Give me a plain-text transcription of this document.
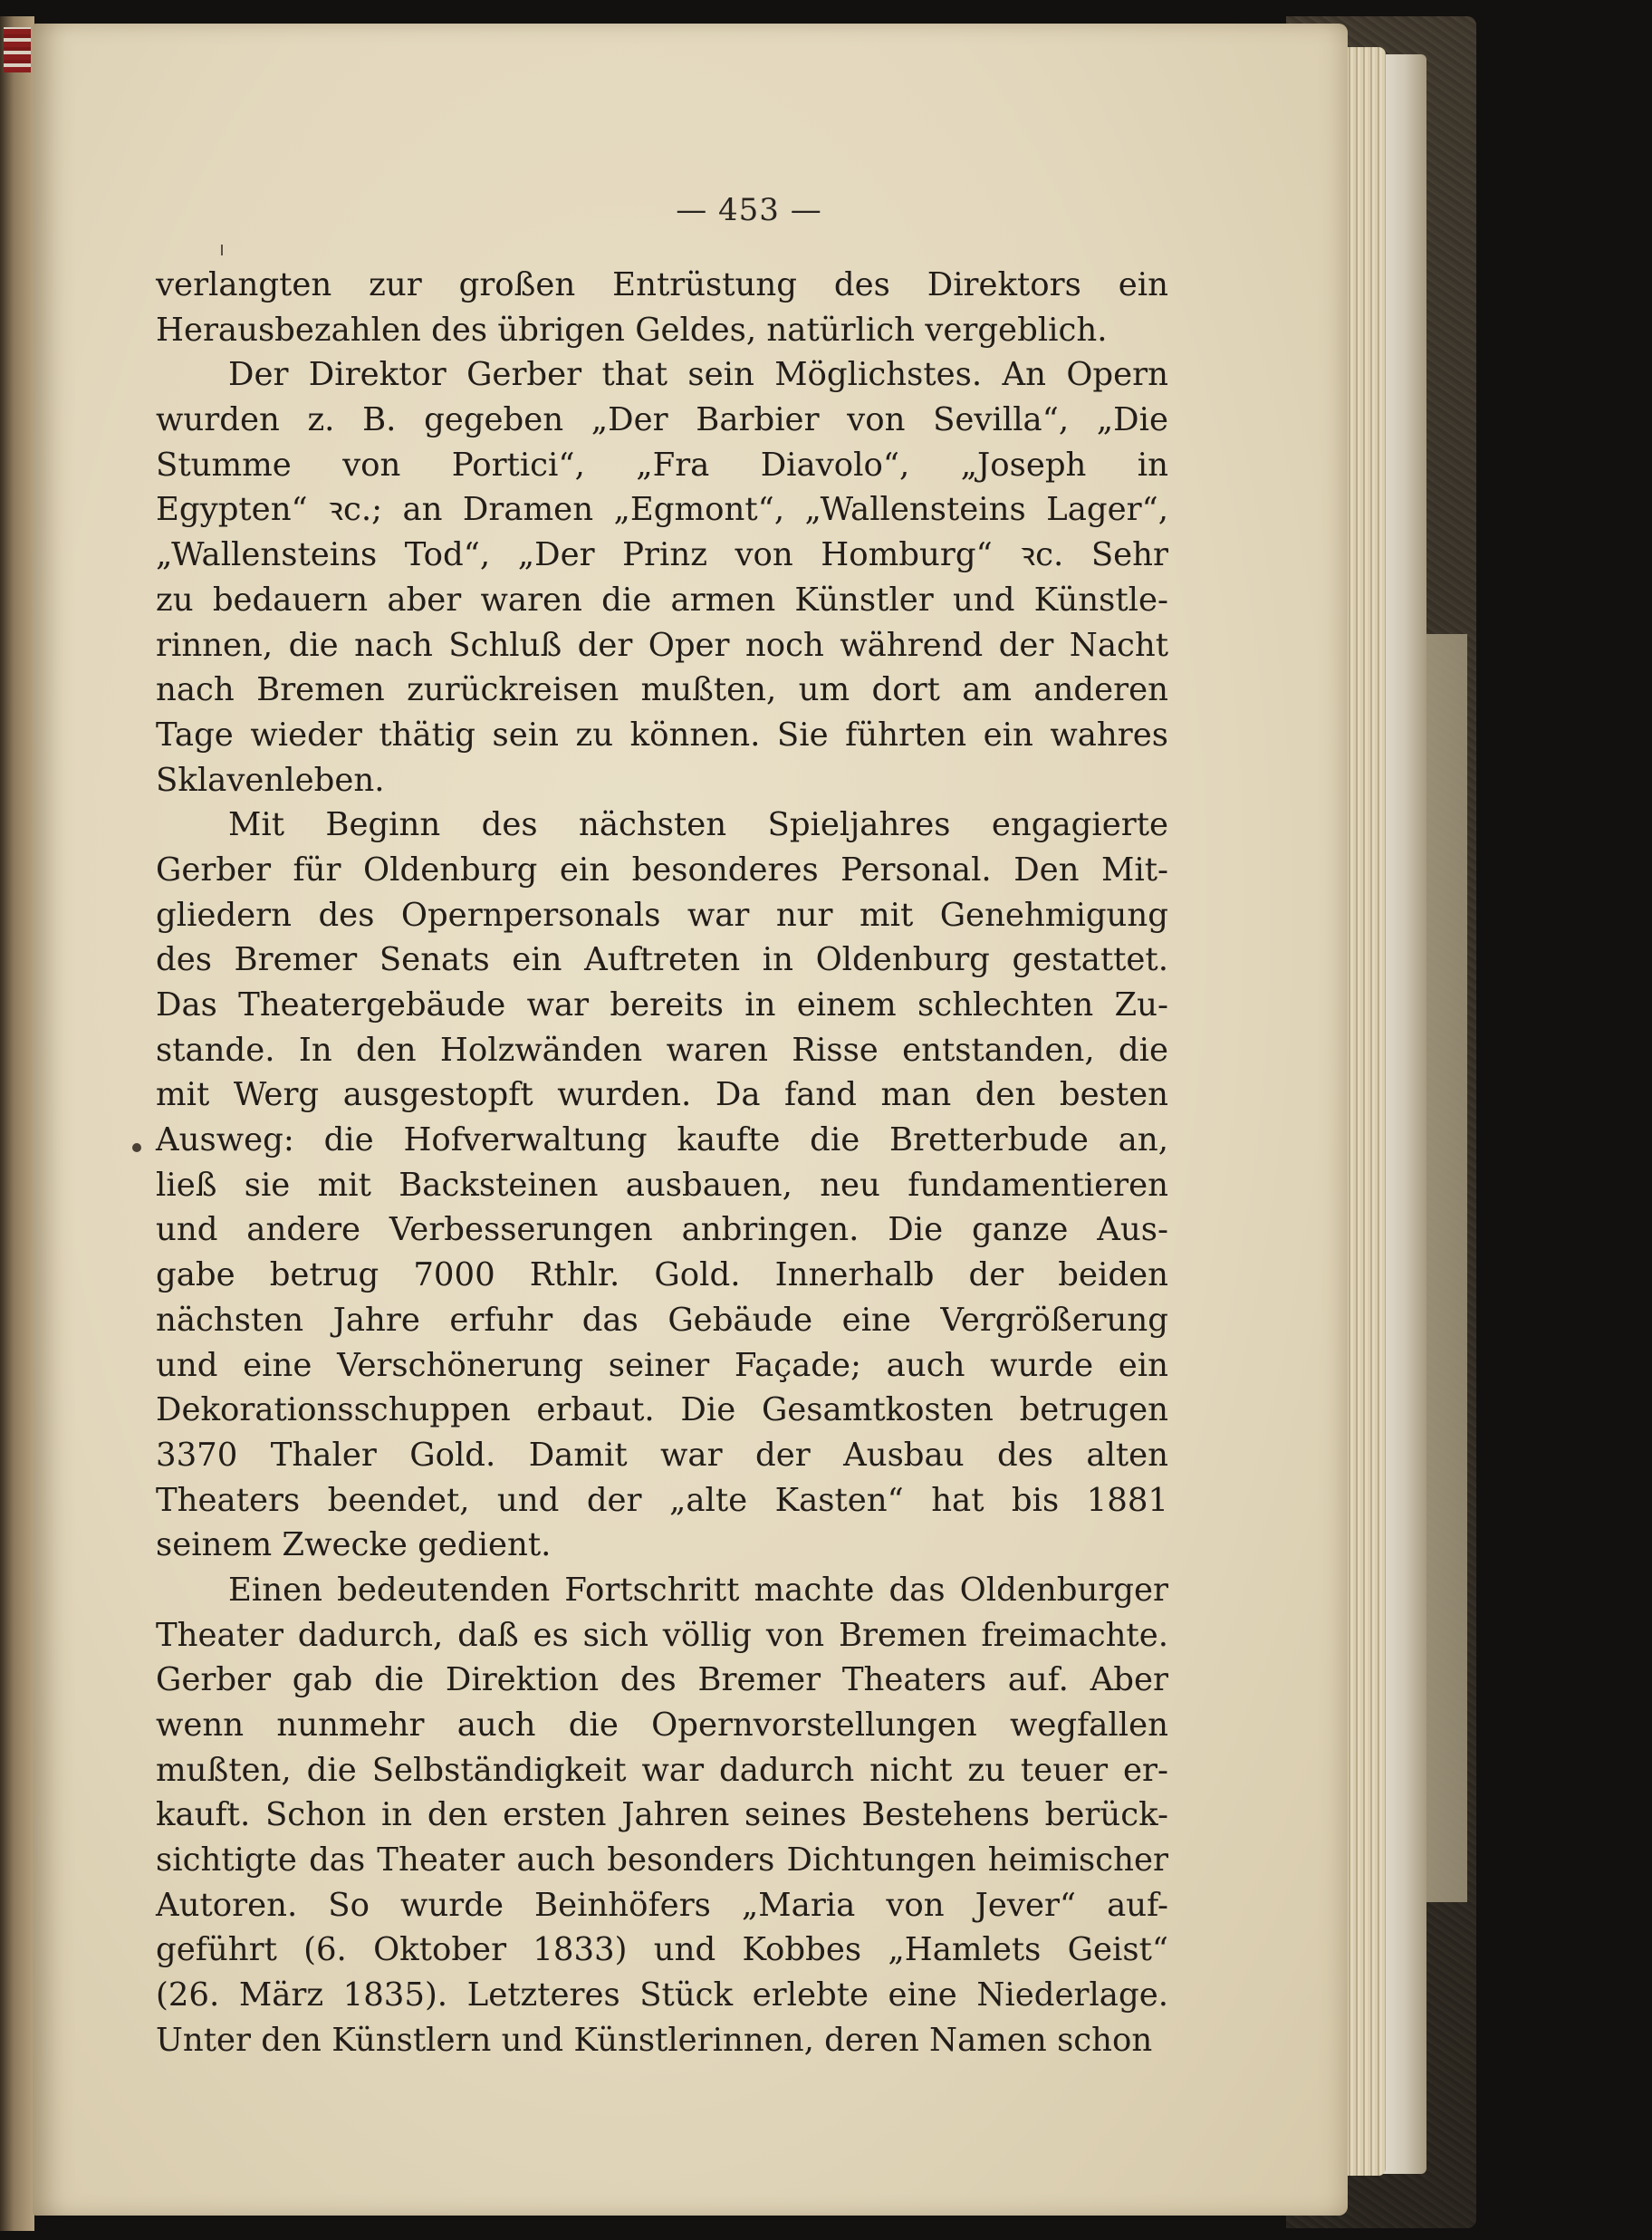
— 453 —
verlangten zur großen Entrüstung des Direktors ein
Herausbezahlen des übrigen Geldes, natürlich vergeblich.
Der Direktor Gerber that sein Möglichstes. An Opern
wurden z. B. gegeben „Der Barbier von Sevilla“, „Die
Stumme von Portici“, „Fra Diavolo“, „Joseph in
Egypten“ ꝛc.; an Dramen „Egmont“, „Wallensteins Lager“,
„Wallensteins Tod“, „Der Prinz von Homburg“ ꝛc. Sehr
zu bedauern aber waren die armen Künstler und Künstle-
rinnen, die nach Schluß der Oper noch während der Nacht
nach Bremen zurückreisen mußten, um dort am anderen
Tage wieder thätig sein zu können. Sie führten ein wahres
Sklavenleben.
Mit Beginn des nächsten Spieljahres engagierte
Gerber für Oldenburg ein besonderes Personal. Den Mit-
gliedern des Opernpersonals war nur mit Genehmigung
des Bremer Senats ein Auftreten in Oldenburg gestattet.
Das Theatergebäude war bereits in einem schlechten Zu-
stande. In den Holzwänden waren Risse entstanden, die
mit Werg ausgestopft wurden. Da fand man den besten
Ausweg: die Hofverwaltung kaufte die Bretterbude an,
ließ sie mit Backsteinen ausbauen, neu fundamentieren
und andere Verbesserungen anbringen. Die ganze Aus-
gabe betrug 7000 Rthlr. Gold. Innerhalb der beiden
nächsten Jahre erfuhr das Gebäude eine Vergrößerung
und eine Verschönerung seiner Façade; auch wurde ein
Dekorationsschuppen erbaut. Die Gesamtkosten betrugen
3370 Thaler Gold. Damit war der Ausbau des alten
Theaters beendet, und der „alte Kasten“ hat bis 1881
seinem Zwecke gedient.
Einen bedeutenden Fortschritt machte das Oldenburger
Theater dadurch, daß es sich völlig von Bremen freimachte.
Gerber gab die Direktion des Bremer Theaters auf. Aber
wenn nunmehr auch die Opernvorstellungen wegfallen
mußten, die Selbständigkeit war dadurch nicht zu teuer er-
kauft. Schon in den ersten Jahren seines Bestehens berück-
sichtigte das Theater auch besonders Dichtungen heimischer
Autoren. So wurde Beinhöfers „Maria von Jever“ auf-
geführt (6. Oktober 1833) und Kobbes „Hamlets Geist“
(26. März 1835). Letzteres Stück erlebte eine Niederlage.
Unter den Künstlern und Künstlerinnen, deren Namen schon
